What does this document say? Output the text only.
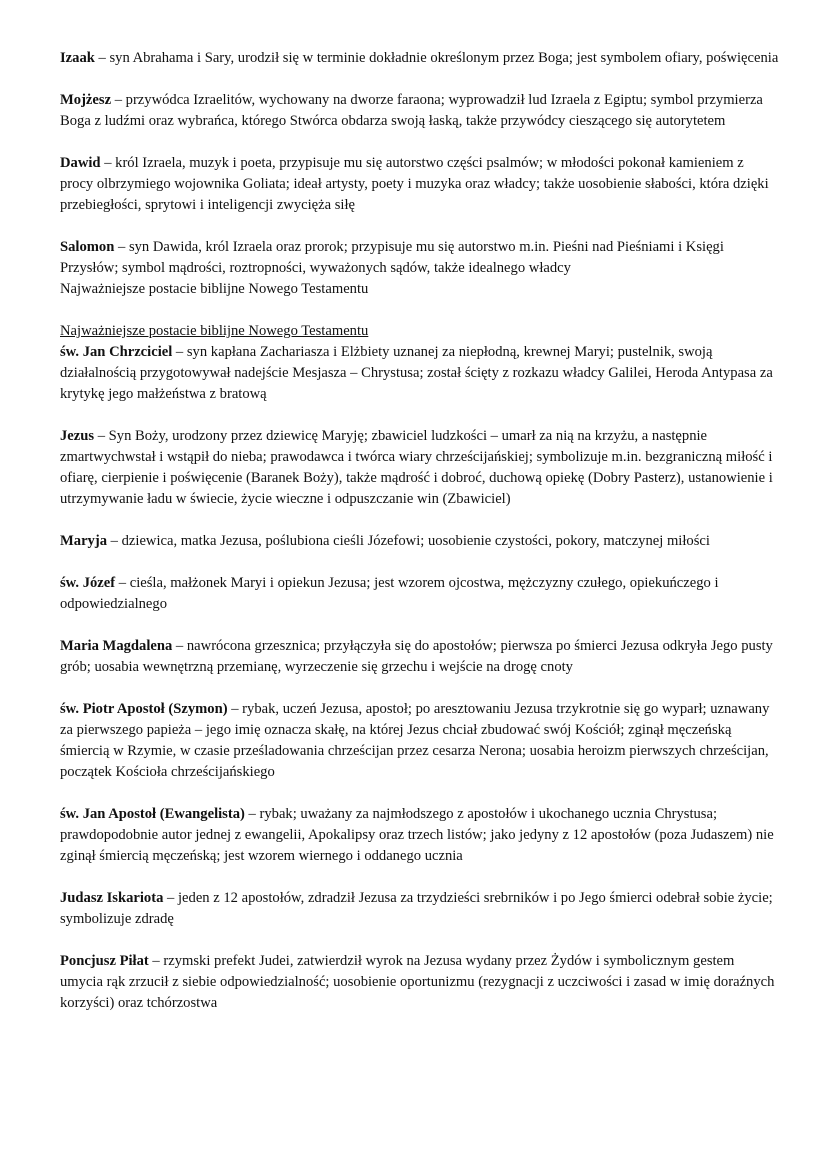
Izaak – syn Abrahama i Sary, urodził się w terminie dokładnie określonym przez Boga; jest symbolem ofiary, poświęcenia

Mojżesz – przywódca Izraelitów, wychowany na dworze faraona; wyprowadził lud Izraela z Egiptu; symbol przymierza Boga z ludźmi oraz wybrańca, którego Stwórca obdarza swoją łaską, także przywódcy cieszącego się autorytetem

Dawid – król Izraela, muzyk i poeta, przypisuje mu się autorstwo części psalmów; w młodości pokonał kamieniem z procy olbrzymiego wojownika Goliata; ideał artysty, poety i muzyka oraz władcy; także uosobienie słabości, która dzięki przebiegłości, sprytowi i inteligencji zwycięża siłę

Salomon – syn Dawida, król Izraela oraz prorok; przypisuje mu się autorstwo m.in. Pieśni nad Pieśniami i Księgi Przysłów; symbol mądrości, roztropności, wyważonych sądów, także idealnego władcy
Najważniejsze postacie biblijne Nowego Testamentu

Najważniejsze postacie biblijne Nowego Testamentu

św. Jan Chrzciciel – syn kapłana Zachariasza i Elżbiety uznanej za niepłodną, krewnej Maryi; pustelnik, swoją działalnością przygotowywał nadejście Mesjasza – Chrystusa; został ścięty z rozkazu władcy Galilei, Heroda Antypasa za krytykę jego małżeństwa z bratową

Jezus – Syn Boży, urodzony przez dziewicę Maryję; zbawiciel ludzkości – umarł za nią na krzyżu, a następnie zmartwychwstał i wstąpił do nieba; prawodawca i twórca wiary chrześcijańskiej; symbolizuje m.in. bezgraniczną miłość i ofiarę, cierpienie i poświęcenie (Baranek Boży), także mądrość i dobroć, duchową opiekę (Dobry Pasterz), ustanowienie i utrzymywanie ładu w świecie, życie wieczne i odpuszczanie win (Zbawiciel)

Maryja – dziewica, matka Jezusa, poślubiona cieśli Józefowi; uosobienie czystości, pokory, matczynej miłości

św. Józef – cieśla, małżonek Maryi i opiekun Jezusa; jest wzorem ojcostwa, mężczyzny czułego, opiekuńczego i odpowiedzialnego

Maria Magdalena – nawrócona grzesznica; przyłączyła się do apostołów; pierwsza po śmierci Jezusa odkryła Jego pusty grób; uosabia wewnętrzną przemianę, wyrzeczenie się grzechu i wejście na drogę cnoty

św. Piotr Apostoł (Szymon) – rybak, uczeń Jezusa, apostoł; po aresztowaniu Jezusa trzykrotnie się go wyparł; uznawany za pierwszego papieża – jego imię oznacza skałę, na której Jezus chciał zbudować swój Kościół; zginął męczeńską śmiercią w Rzymie, w czasie prześladowania chrześcijan przez cesarza Nerona; uosabia heroizm pierwszych chrześcijan, początek Kościoła chrześcijańskiego

św. Jan Apostoł (Ewangelista) – rybak; uważany za najmłodszego z apostołów i ukochanego ucznia Chrystusa; prawdopodobnie autor jednej z ewangelii, Apokalipsy oraz trzech listów; jako jedyny z 12 apostołów (poza Judaszem) nie zginął śmiercią męczeńską; jest wzorem wiernego i oddanego ucznia

Judasz Iskariota – jeden z 12 apostołów, zdradził Jezusa za trzydzieści srebrników i po Jego śmierci odebrał sobie życie; symbolizuje zdradę

Poncjusz Piłat – rzymski prefekt Judei, zatwierdził wyrok na Jezusa wydany przez Żydów i symbolicznym gestem umycia rąk zrzucił z siebie odpowiedzialność; uosobienie oportunizmu (rezygnacji z uczciwości i zasad w imię doraźnych korzyści) oraz tchórzostwa
